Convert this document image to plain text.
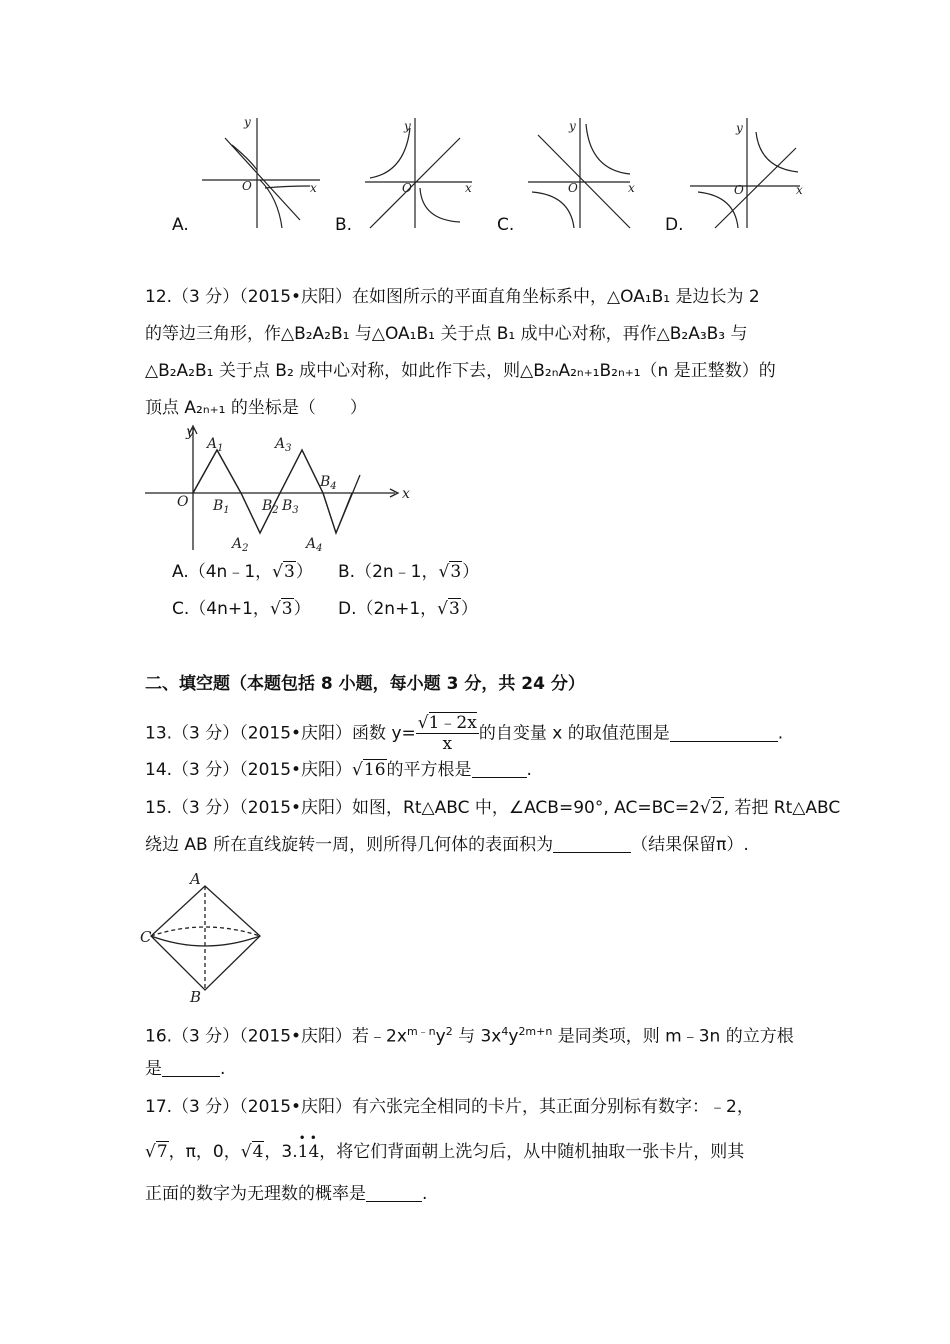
y
x
O
y
x
O
y
x
O
y
x
O
A.	B.	C.	D.
12.（3 分）（2015•庆阳）在如图所示的平面直角坐标系中，△OA₁B₁ 是边长为 2
的等边三角形，作△B₂A₂B₁ 与△OA₁B₁ 关于点 B₁ 成中心对称，再作△B₂A₃B₃ 与
△B₂A₂B₁ 关于点 B₂ 成中心对称，如此作下去，则△B₂ₙA₂ₙ₊₁B₂ₙ₊₁（n 是正整数）的
顶点 A₂ₙ₊₁ 的坐标是（　　）
y
x
O
$A_1$	$A_3$
$B_4$
$B_1$ $B_2$ $B_3$
$A_2$	$A_4$
A.（4n﹣1，√3） B.（2n﹣1，√3）
C.（4n+1，√3） D.（2n+1，√3）
二、填空题（本题包括 8 小题，每小题 3 分，共 24 分）
13.（3 分）（2015•庆阳）函数 $y= \frac{√1﹣2x}{x}$ 的自变量 x 的取值范围是	.
14.（3 分）（2015•庆阳）√16的平方根是	.
15.（3 分）（2015•庆阳）如图，Rt△ABC 中，∠ACB=90°, AC=BC=2√2, 若把 Rt△ABC
绕边 AB 所在直线旋转一周，则所得几何体的表面积为	（结果保留π）.
A
C
B
16.（3 分）（2015•庆阳）若$﹣2x^{m﹣n}y^2$ 与 $3x^4y^{2m+n}$ 是同类项，则 m﹣3n 的立方根
是	.
17.（3 分）（2015•庆阳）有六张完全相同的卡片，其正面分别标有数字：﹣2，
√7，π，0，√4，3.
••
14，将它们背面朝上洗匀后，从中随机抽取一张卡片，则其
正面的数字为无理数的概率是	.
